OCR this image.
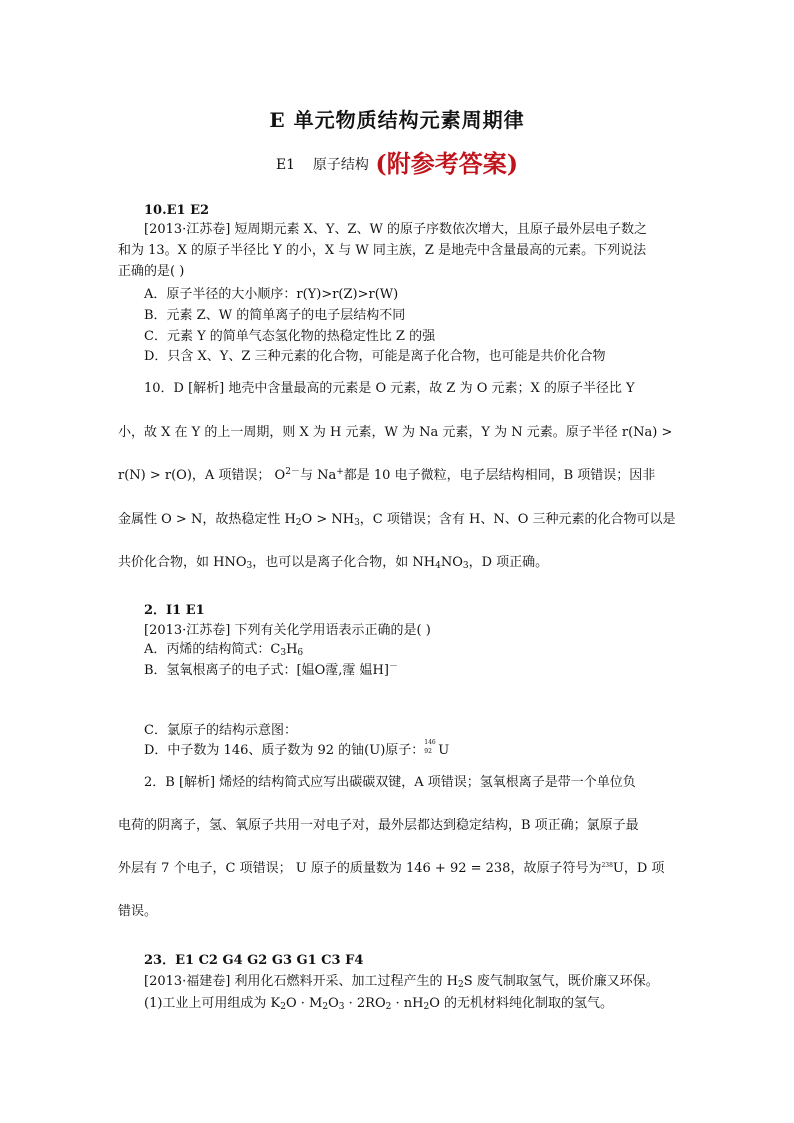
E 单元物质结构元素周期律
E1 原子结构 (附参考答案)
10.E1 E2
[2013·江苏卷] 短周期元素 X、Y、Z、W 的原子序数依次增大，且原子最外层电子数之
和为 13。X 的原子半径比 Y 的小，X 与 W 同主族，Z 是地壳中含量最高的元素。下列说法
正确的是( )
A．原子半径的大小顺序：r(Y)>r(Z)>r(W)
B．元素 Z、W 的简单离子的电子层结构不同
C．元素 Y 的简单气态氢化物的热稳定性比 Z 的强
D．只含 X、Y、Z 三种元素的化合物，可能是离子化合物，也可能是共价化合物
10．D [解析] 地壳中含量最高的元素是 O 元素，故 Z 为 O 元素；X 的原子半径比 Y
小，故 X 在 Y 的上一周期，则 X 为 H 元素，W 为 Na 元素，Y 为 N 元素。原子半径 r(Na) >
r(N) > r(O)，A 项错误； $O^{2-}$与 Na+都是 10 电子微粒，电子层结构相同，B 项错误；因非
金属性 O > N，故热稳定性 $H_2O > NH_3$，C 项错误；含有 H、N、O 三种元素的化合物可以是
共价化合物，如 $HNO_3$，也可以是离子化合物，如 $NH_4NO_3$，D 项正确。
2．I1 E1
[2013·江苏卷] 下列有关化学用语表示正确的是( )
A．丙烯的结构简式：$C_3H_6$
B．氢氧根离子的电子式：[媪O霪,霪 媪H]－
C．氯原子的结构示意图：
D．中子数为 146、质子数为 92 的铀(U)原子：
146
92 U
2．B [解析] 烯烃的结构简式应写出碳碳双键，A 项错误；氢氧根离子是带一个单位负
电荷的阴离子，氢、氧原子共用一对电子对，最外层都达到稳定结构，B 项正确；氯原子最
外层有 7 个电子，C 项错误； U 原子的质量数为 146 + 92 = 238，故原子符号为$^{238}$U，D 项
错误。
23．E1 C2 G4 G2 G3 G1 C3 F4
[2013·福建卷] 利用化石燃料开采、加工过程产生的 $H_2S$ 废气制取氢气，既价廉又环保。
(1)工业上可用组成为 $K_2O \cdot M_2O_3 \cdot 2RO_2 \cdot nH_2O$ 的无机材料纯化制取的氢气。
